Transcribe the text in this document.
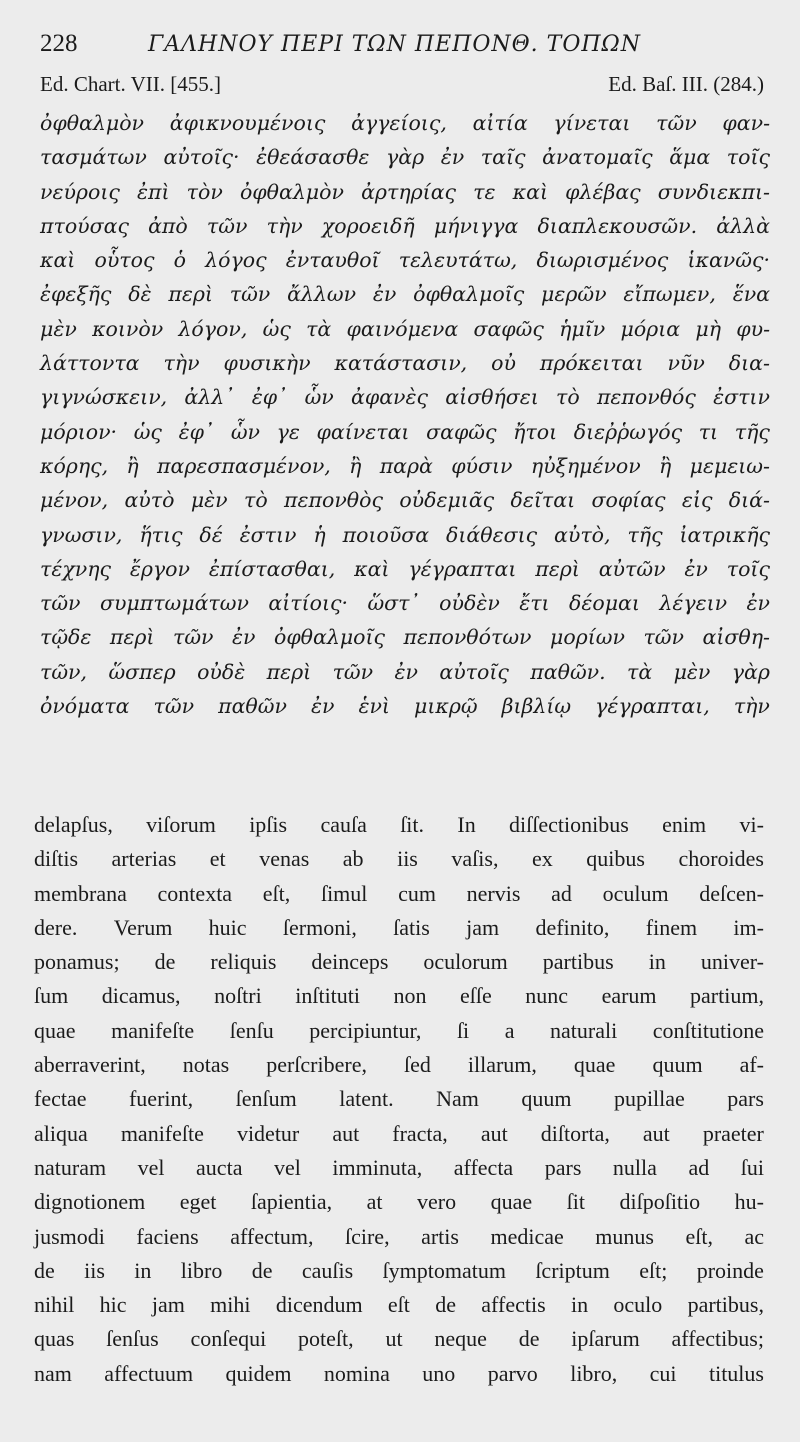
228	ΓΑΛΗΝΟΥ ΠΕΡΙ ΤΩΝ ΠΕΠΟΝΘ. ΤΟΠΩΝ
Ed. Chart. VII. [455.]	Ed. Baſ. III. (284.)
ὀφθαλμὸν ἀφικνουμένοις ἀγγείοις, αἰτία γίνεται τῶν φαν-
τασμάτων αὐτοῖς· ἐθεάσασθε γὰρ ἐν ταῖς ἀνατομαῖς ἅμα τοῖς
νεύροις ἐπὶ τὸν ὀφθαλμὸν ἀρτηρίας τε καὶ φλέβας συνδιεκπι-
πτούσας ἀπὸ τῶν τὴν χοροειδῆ μήνιγγα διαπλεκουσῶν. ἀλλὰ
καὶ οὗτος ὁ λόγος ἐνταυθοῖ τελευτάτω, διωρισμένος ἱκανῶς·
ἐφεξῆς δὲ περὶ τῶν ἄλλων ἐν ὀφθαλμοῖς μερῶν εἴπωμεν, ἕνα
μὲν κοινὸν λόγον, ὡς τὰ φαινόμενα σαφῶς ἡμῖν μόρια μὴ φυ-
λάττοντα τὴν φυσικὴν κατάστασιν, οὐ πρόκειται νῦν δια-
γιγνώσκειν, ἀλλ᾽ ἐφ᾽ ὧν ἀφανὲς αἰσθήσει τὸ πεπονθός ἐστιν
μόριον· ὡς ἐφ᾽ ὧν γε φαίνεται σαφῶς ἤτοι διεῤῥωγός τι τῆς
κόρης, ἢ παρεσπασμένον, ἢ παρὰ φύσιν ηὐξημένον ἢ μεμειω-
μένον, αὐτὸ μὲν τὸ πεπονθὸς οὐδεμιᾶς δεῖται σοφίας εἰς διά-
γνωσιν, ἥτις δέ ἐστιν ἡ ποιοῦσα διάθεσις αὐτὸ, τῆς ἰατρικῆς
τέχνης ἔργον ἐπίστασθαι, καὶ γέγραπται περὶ αὐτῶν ἐν τοῖς
τῶν συμπτωμάτων αἰτίοις· ὥστ᾽ οὐδὲν ἔτι δέομαι λέγειν ἐν
τῷδε περὶ τῶν ἐν ὀφθαλμοῖς πεπονθότων μορίων τῶν αἰσθη-
τῶν, ὥσπερ οὐδὲ περὶ τῶν ἐν αὐτοῖς παθῶν. τὰ μὲν γὰρ
ὀνόματα τῶν παθῶν ἐν ἑνὶ μικρῷ βιβλίῳ γέγραπται, τὴν
delapſus, viſorum ipſis cauſa ſit. In diſſectionibus enim vi-
diſtis arterias et venas ab iis vaſis, ex quibus choroides
membrana contexta eſt, ſimul cum nervis ad oculum deſcen-
dere. Verum huic ſermoni, ſatis jam definito, finem im-
ponamus; de reliquis deinceps oculorum partibus in univer-
ſum dicamus, noſtri inſtituti non eſſe nunc earum partium,
quae manifeſte ſenſu percipiuntur, ſi a naturali conſtitutione
aberraverint, notas perſcribere, ſed illarum, quae quum af-
fectae fuerint, ſenſum latent. Nam quum pupillae pars
aliqua manifeſte videtur aut fracta, aut diſtorta, aut praeter
naturam vel aucta vel imminuta, affecta pars nulla ad ſui
dignotionem eget ſapientia, at vero quae ſit diſpoſitio hu-
jusmodi faciens affectum, ſcire, artis medicae munus eſt, ac
de iis in libro de cauſis ſymptomatum ſcriptum eſt; proinde
nihil hic jam mihi dicendum eſt de affectis in oculo partibus,
quas ſenſus conſequi poteſt, ut neque de ipſarum affectibus;
nam affectuum quidem nomina uno parvo libro, cui titulus
